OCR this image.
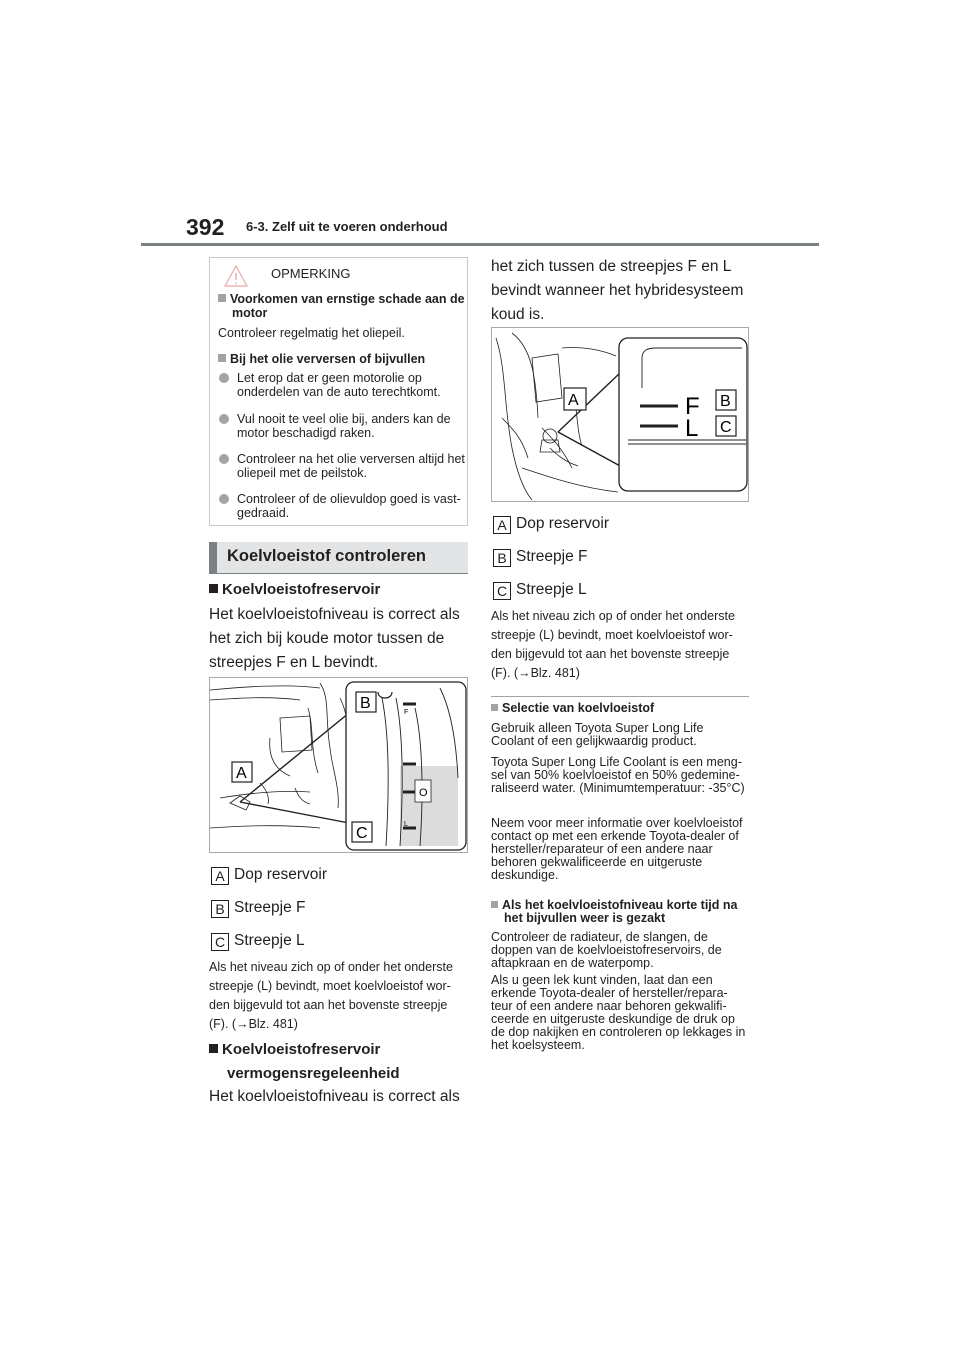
392 6-3. Zelf uit te voeren onderhoud
OPMERKING
Voorkomen van ernstige schade aan de motor
Controleer regelmatig het oliepeil.
Bij het olie verversen of bijvullen
Let erop dat er geen motorolie op onderdelen van de auto terechtkomt.
Vul nooit te veel olie bij, anders kan de motor beschadigd raken.
Controleer na het olie verversen altijd het oliepeil met de peilstok.
Controleer of de olievuldop goed is vast-gedraaid.
Koelvloeistof controleren
Koelvloeistofreservoir
Het koelvloeistofniveau is correct als
het zich bij koude motor tussen de
streepjes F en L bevindt.
B
A
C
F
L
O
A Dop reservoir
B Streepje F
C Streepje L
Als het niveau zich op of onder het onderste
streepje (L) bevindt, moet koelvloeistof wor-
den bijgevuld tot aan het bovenste streepje
(F). (→Blz. 481)
Koelvloeistofreservoir
vermogensregeleenheid
Het koelvloeistofniveau is correct als
het zich tussen de streepjes F en L
bevindt wanneer het hybridesysteem
koud is.
A	B
C
F
L
A Dop reservoir
B Streepje F
C Streepje L
Als het niveau zich op of onder het onderste
streepje (L) bevindt, moet koelvloeistof wor-
den bijgevuld tot aan het bovenste streepje
(F). (→Blz. 481)
Selectie van koelvloeistof
Gebruik alleen Toyota Super Long Life Coolant of een gelijkwaardig product.
Toyota Super Long Life Coolant is een meng-sel van 50% koelvloeistof en 50% gedemine-raliseerd water. (Minimumtemperatuur: -35°C)
Neem voor meer informatie over koelvloeistof contact op met een erkende Toyota-dealer of hersteller/reparateur of een andere naar behoren gekwalificeerde en uitgeruste deskundige.
Als het koelvloeistofniveau korte tijd na het bijvullen weer is gezakt
Controleer de radiateur, de slangen, de doppen van de koelvloeistofreservoirs, de aftapkraan en de waterpomp.
Als u geen lek kunt vinden, laat dan een erkende Toyota-dealer of hersteller/repara-teur of een andere naar behoren gekwalifi-ceerde en uitgeruste deskundige de druk op de dop nakijken en controleren op lekkages in het koelsysteem.
